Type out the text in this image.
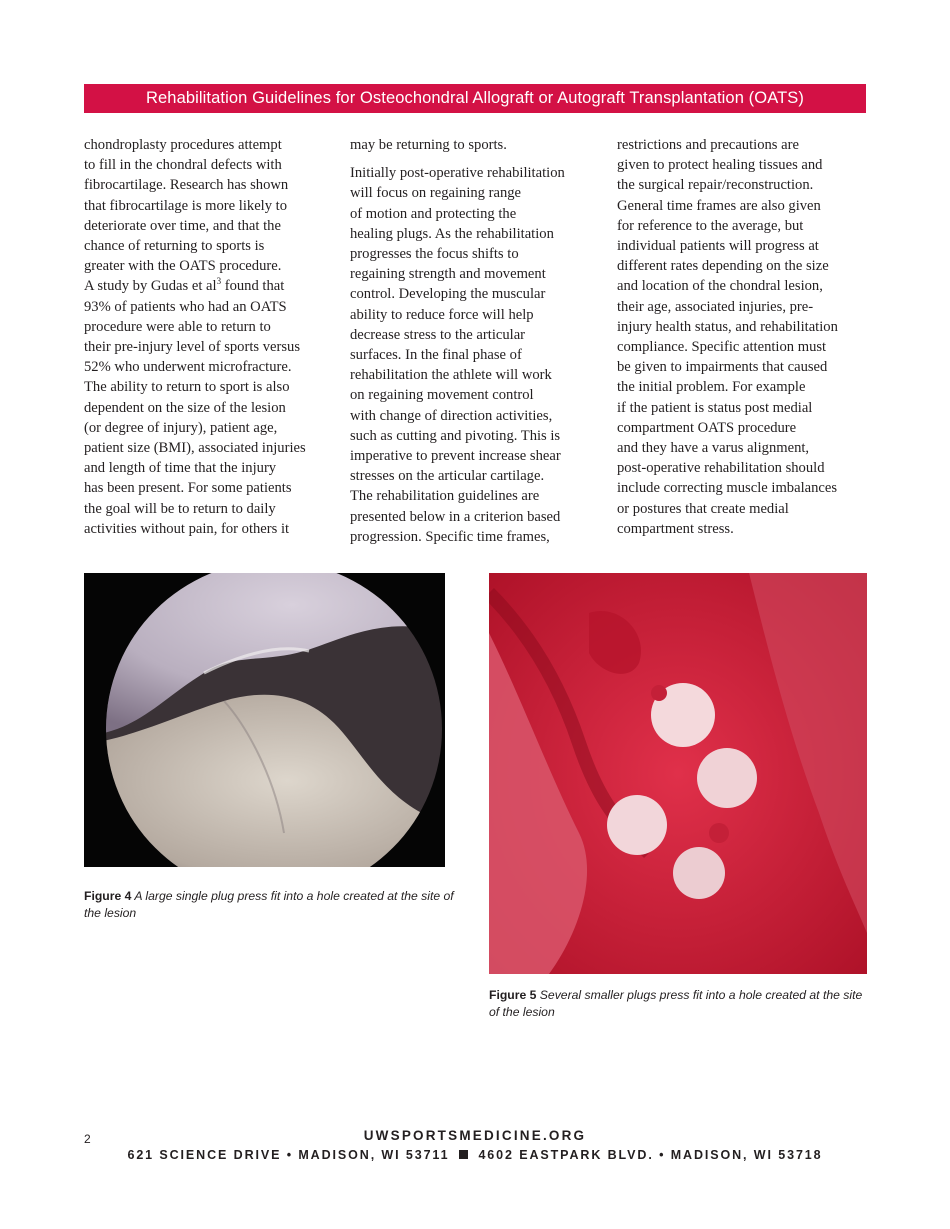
Rehabilitation Guidelines for Osteochondral Allograft or Autograft Transplantation (OATS)

chondroplasty procedures attempt
to fill in the chondral defects with
fibrocartilage. Research has shown
that fibrocartilage is more likely to
deteriorate over time, and that the
chance of returning to sports is
greater with the OATS procedure.
A study by Gudas et $al^3$ found that
93% of patients who had an OATS
procedure were able to return to
their pre-injury level of sports versus
52% who underwent microfracture.
The ability to return to sport is also
dependent on the size of the lesion
(or degree of injury), patient age,
patient size (BMI), associated injuries
and length of time that the injury
has been present. For some patients
the goal will be to return to daily
activities without pain, for others it

may be returning to sports.

Initially post-operative rehabilitation
will focus on regaining range
of motion and protecting the
healing plugs. As the rehabilitation
progresses the focus shifts to
regaining strength and movement
control. Developing the muscular
ability to reduce force will help
decrease stress to the articular
surfaces. In the final phase of
rehabilitation the athlete will work
on regaining movement control
with change of direction activities,
such as cutting and pivoting. This is
imperative to prevent increase shear
stresses on the articular cartilage.
The rehabilitation guidelines are
presented below in a criterion based
progression. Specific time frames,

restrictions and precautions are
given to protect healing tissues and
the surgical repair/reconstruction.
General time frames are also given
for reference to the average, but
individual patients will progress at
different rates depending on the size
and location of the chondral lesion,
their age, associated injuries, pre-
injury health status, and rehabilitation
compliance. Specific attention must
be given to impairments that caused
the initial problem. For example
if the patient is status post medial
compartment OATS procedure
and they have a varus alignment,
post-operative rehabilitation should
include correcting muscle imbalances
or postures that create medial
compartment stress.

Figure 4 A large single plug press fit into a hole created at the site of the lesion
Figure 5 Several smaller plugs press fit into a hole created at the site of the lesion
2	UWSPORTSMEDICINE.ORG
621 SCIENCE DRIVE • MADISON, WI 53711 4602 EASTPARK BLVD. • MADISON, WI 53718
